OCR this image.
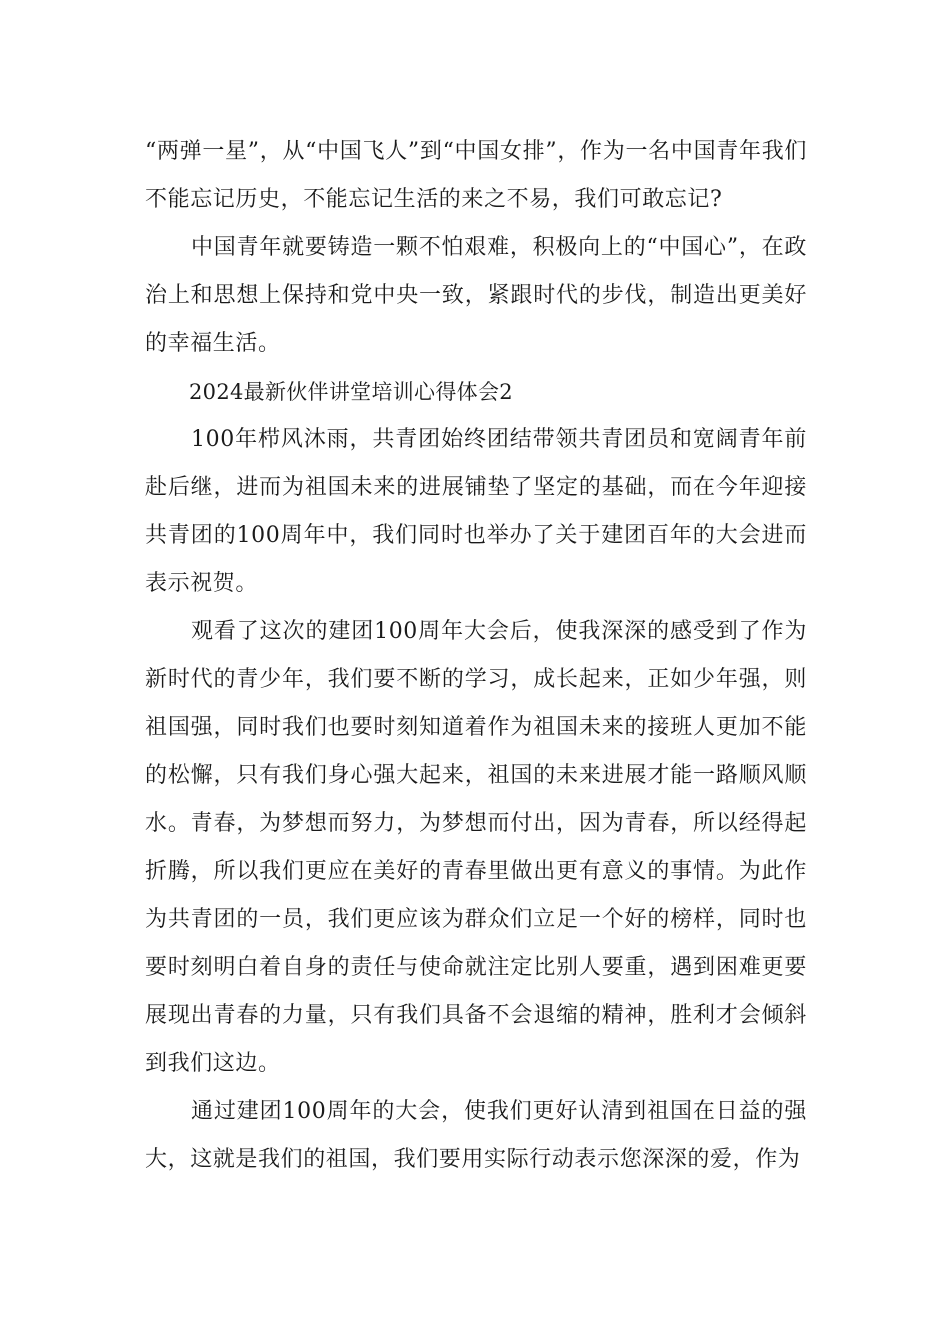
“两弹一星”，从“中国飞人”到“中国女排”，作为一名中国青年我们不能忘记历史，不能忘记生活的来之不易，我们可敢忘记?

中国青年就要铸造一颗不怕艰难，积极向上的“中国心”，在政治上和思想上保持和党中央一致，紧跟时代的步伐，制造出更美好的幸福生活。

2024最新伙伴讲堂培训心得体会2

100年栉风沐雨，共青团始终团结带领共青团员和宽阔青年前赴后继，进而为祖国未来的进展铺垫了坚定的基础，而在今年迎接共青团的100周年中，我们同时也举办了关于建团百年的大会进而表示祝贺。

观看了这次的建团100周年大会后，使我深深的感受到了作为新时代的青少年，我们要不断的学习，成长起来，正如少年强，则祖国强，同时我们也要时刻知道着作为祖国未来的接班人更加不能的松懈，只有我们身心强大起来，祖国的未来进展才能一路顺风顺水。青春，为梦想而努力，为梦想而付出，因为青春，所以经得起折腾，所以我们更应在美好的青春里做出更有意义的事情。为此作为共青团的一员，我们更应该为群众们立足一个好的榜样，同时也要时刻明白着自身的责任与使命就注定比别人要重，遇到困难更要展现出青春的力量，只有我们具备不会退缩的精神，胜利才会倾斜到我们这边。

通过建团100周年的大会，使我们更好认清到祖国在日益的强大，这就是我们的祖国，我们要用实际行动表示您深深的爱，作为
